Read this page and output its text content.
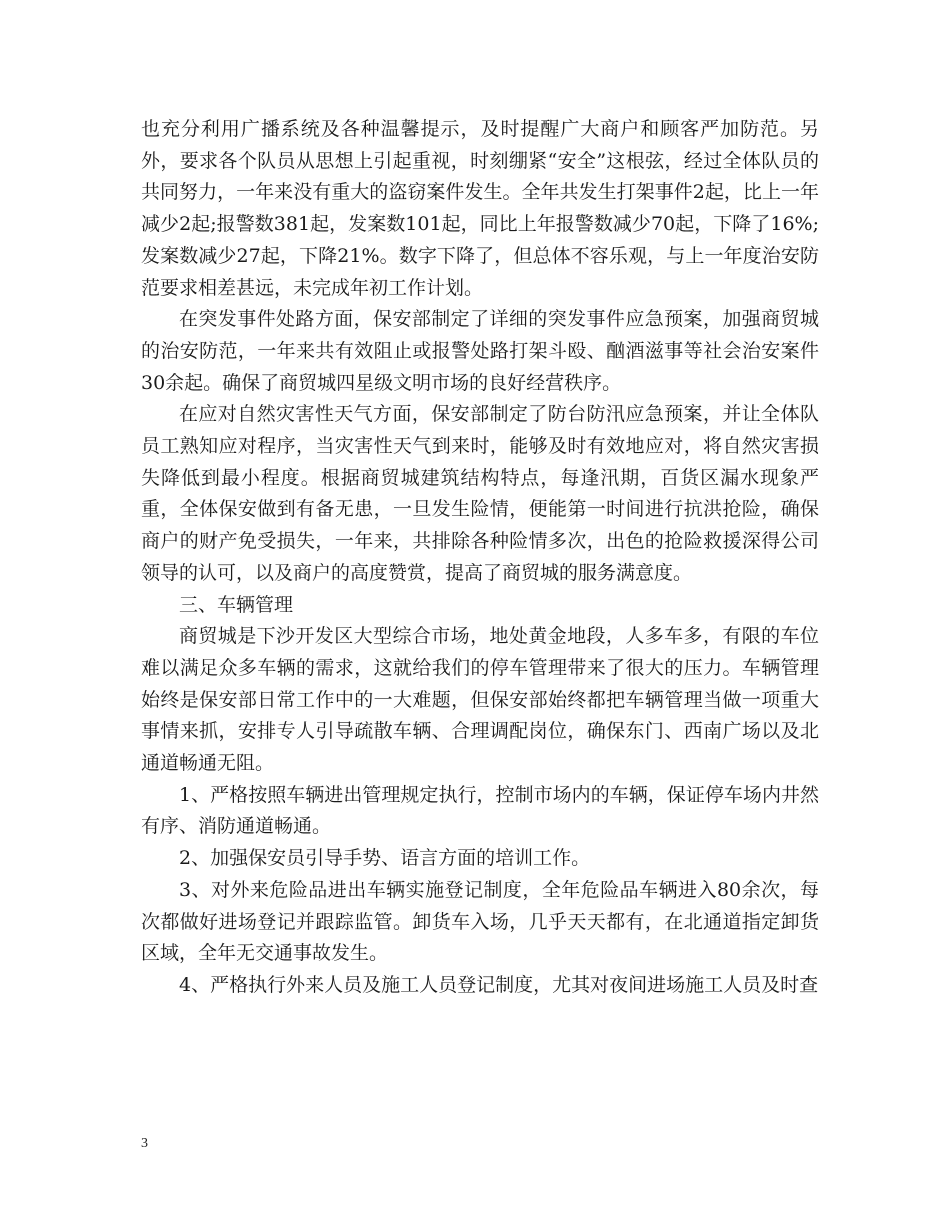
也充分利用广播系统及各种温馨提示，及时提醒广大商户和顾客严加防范。另外，要求各个队员从思想上引起重视，时刻绷紧“安全”这根弦，经过全体队员的共同努力，一年来没有重大的盗窃案件发生。全年共发生打架事件2起，比上一年减少2起;报警数381起，发案数101起，同比上年报警数减少70起，下降了16%;发案数减少27起，下降21%。数字下降了，但总体不容乐观，与上一年度治安防范要求相差甚远，未完成年初工作计划。

在突发事件处路方面，保安部制定了详细的突发事件应急预案，加强商贸城的治安防范，一年来共有效阻止或报警处路打架斗殴、酗酒滋事等社会治安案件30余起。确保了商贸城四星级文明市场的良好经营秩序。

在应对自然灾害性天气方面，保安部制定了防台防汛应急预案，并让全体队员工熟知应对程序，当灾害性天气到来时，能够及时有效地应对，将自然灾害损失降低到最小程度。根据商贸城建筑结构特点，每逢汛期，百货区漏水现象严重，全体保安做到有备无患，一旦发生险情，便能第一时间进行抗洪抢险，确保商户的财产免受损失，一年来，共排除各种险情多次，出色的抢险救援深得公司领导的认可，以及商户的高度赞赏，提高了商贸城的服务满意度。

三、车辆管理

商贸城是下沙开发区大型综合市场，地处黄金地段，人多车多，有限的车位难以满足众多车辆的需求，这就给我们的停车管理带来了很大的压力。车辆管理始终是保安部日常工作中的一大难题，但保安部始终都把车辆管理当做一项重大事情来抓，安排专人引导疏散车辆、合理调配岗位，确保东门、西南广场以及北通道畅通无阻。

1、严格按照车辆进出管理规定执行，控制市场内的车辆，保证停车场内井然有序、消防通道畅通。

2、加强保安员引导手势、语言方面的培训工作。

3、对外来危险品进出车辆实施登记制度，全年危险品车辆进入80余次，每次都做好进场登记并跟踪监管。卸货车入场，几乎天天都有，在北通道指定卸货区域，全年无交通事故发生。

4、严格执行外来人员及施工人员登记制度，尤其对夜间进场施工人员及时查

3
